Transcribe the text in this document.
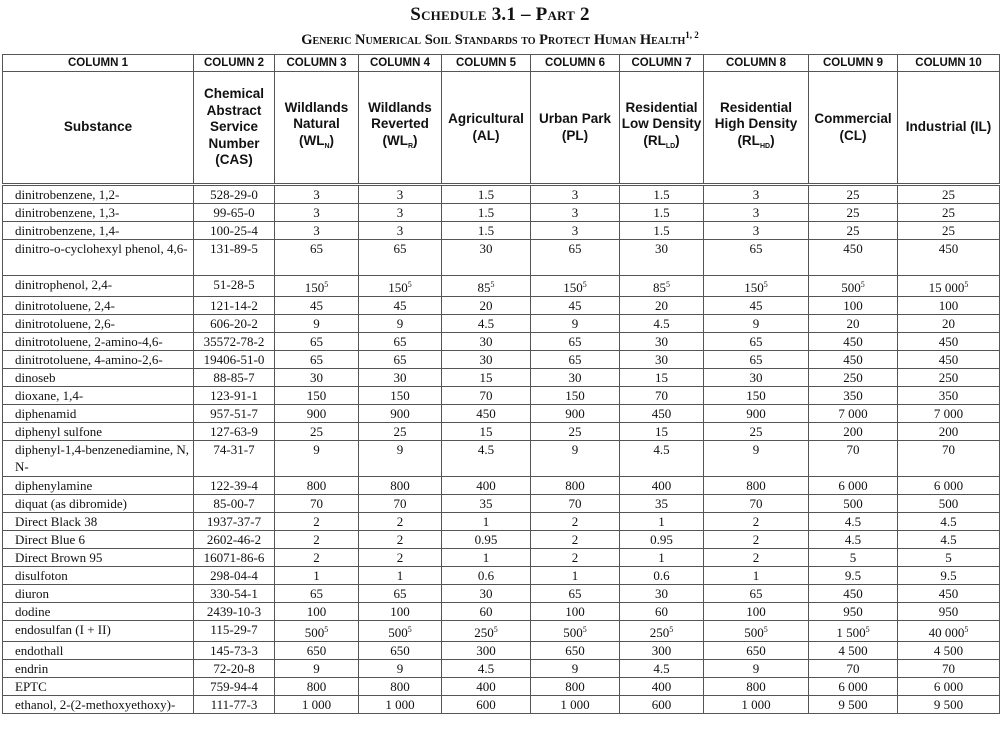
Schedule 3.1 – Part 2
Generic Numerical Soil Standards to Protect Human Health$^{1, 2}$
COLUMN 1	COLUMN 2	COLUMN 3	COLUMN 4	COLUMN 5	COLUMN 6	COLUMN 7	COLUMN 8	COLUMN 9	COLUMN 10
Substance	Chemical Abstract Service Number (CAS)	Wildlands Natural $(WL_N)$	Wildlands Reverted $(WL_R)$	Agricultural (AL)	Urban Park (PL)	Residential Low Density $(RL_{LD})$	Residential High Density $(RL_{HD})$	Commercial (CL)	Industrial (IL)
dinitrobenzene, 1,2-	528-29-0	3	3	1.5	3	1.5	3	25	25
dinitrobenzene, 1,3-	99-65-0	3	3	1.5	3	1.5	3	25	25
dinitrobenzene, 1,4-	100-25-4	3	3	1.5	3	1.5	3	25	25
dinitro-o-cyclohexyl phenol, 4,6-	131-89-5	65	65	30	65	30	65	450	450
dinitrophenol, 2,4-	51-28-5	$150^5$	$150^5$	$85^5$	$150^5$	$85^5$	$150^5$	$500^5$	15 $000^5$
dinitrotoluene, 2,4-	121-14-2	45	45	20	45	20	45	100	100
dinitrotoluene, 2,6-	606-20-2	9	9	4.5	9	4.5	9	20	20
dinitrotoluene, 2-amino-4,6-	35572-78-2	65	65	30	65	30	65	450	450
dinitrotoluene, 4-amino-2,6-	19406-51-0	65	65	30	65	30	65	450	450
dinoseb	88-85-7	30	30	15	30	15	30	250	250
dioxane, 1,4-	123-91-1	150	150	70	150	70	150	350	350
diphenamid	957-51-7	900	900	450	900	450	900	7 000	7 000
diphenyl sulfone	127-63-9	25	25	15	25	15	25	200	200
diphenyl-1,4-benzenediamine, N, N-	74-31-7	9	9	4.5	9	4.5	9	70	70
diphenylamine	122-39-4	800	800	400	800	400	800	6 000	6 000
diquat (as dibromide)	85-00-7	70	70	35	70	35	70	500	500
Direct Black 38	1937-37-7	2	2	1	2	1	2	4.5	4.5
Direct Blue 6	2602-46-2	2	2	0.95	2	0.95	2	4.5	4.5
Direct Brown 95	16071-86-6	2	2	1	2	1	2	5	5
disulfoton	298-04-4	1	1	0.6	1	0.6	1	9.5	9.5
diuron	330-54-1	65	65	30	65	30	65	450	450
dodine	2439-10-3	100	100	60	100	60	100	950	950
endosulfan (I + II)	115-29-7	$500^5$	$500^5$	$250^5$	$500^5$	$250^5$	$500^5$	1 $500^5$	40 $000^5$
endothall	145-73-3	650	650	300	650	300	650	4 500	4 500
endrin	72-20-8	9	9	4.5	9	4.5	9	70	70
EPTC	759-94-4	800	800	400	800	400	800	6 000	6 000
ethanol, 2-(2-methoxyethoxy)-	111-77-3	1 000	1 000	600	1 000	600	1 000	9 500	9 500
